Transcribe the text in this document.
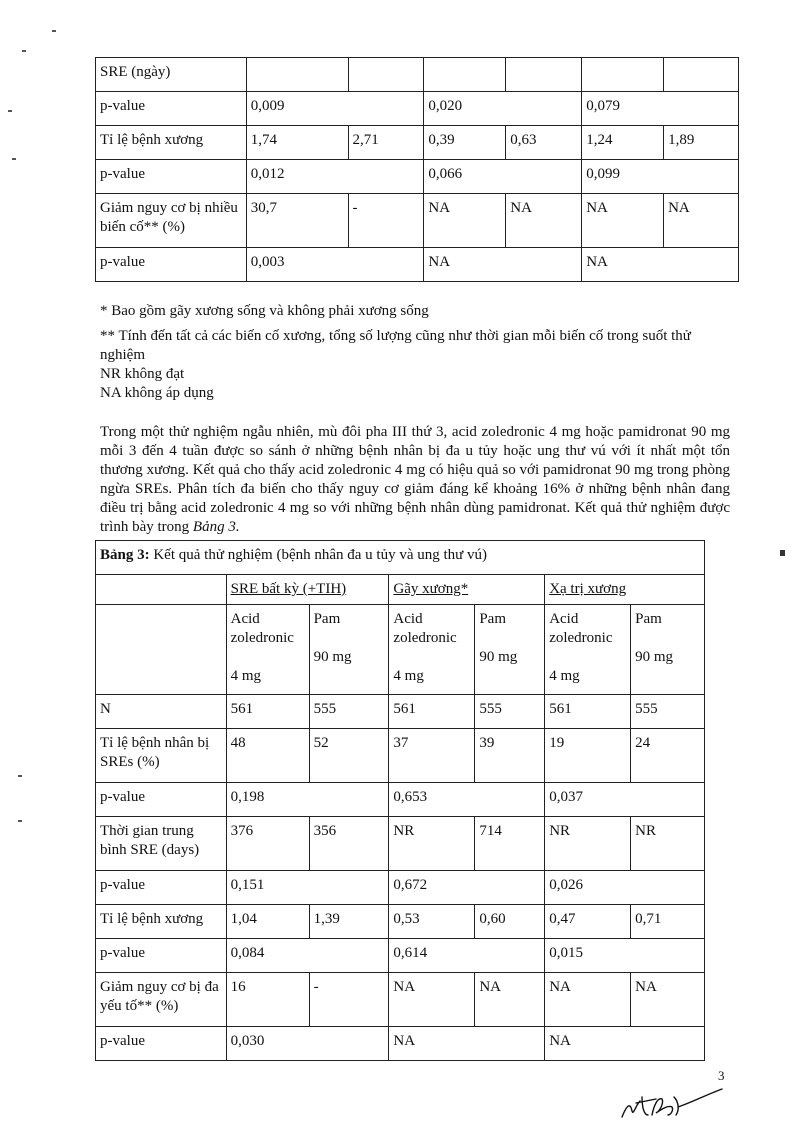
SRE (ngày)						
p-value	0,009		0,020		0,079	
Tỉ lệ bệnh xương	1,74	2,71	0,39	0,63	1,24	1,89
p-value	0,012		0,066		0,099	
Giảm nguy cơ bị nhiều biến cố** (%)	30,7	-	NA	NA	NA	NA
p-value	0,003		NA		NA	

* Bao gồm gãy xương sống và không phải xương sống

** Tính đến tất cả các biến cố xương, tổng số lượng cũng như thời gian mỗi biến cố trong suốt thử nghiệm

NR không đạt

NA không áp dụng

Trong một thử nghiệm ngẫu nhiên, mù đôi pha III thứ 3, acid zoledronic 4 mg hoặc pamidronat 90 mg mỗi 3 đến 4 tuần được so sánh ở những bệnh nhân bị đa u tủy hoặc ung thư vú với ít nhất một tổn thương xương. Kết quả cho thấy acid zoledronic 4 mg có hiệu quả so với pamidronat 90 mg trong phòng ngừa SREs. Phân tích đa biến cho thấy nguy cơ giảm đáng kể khoảng 16% ở những bệnh nhân đang điều trị bằng acid zoledronic 4 mg so với những bệnh nhân dùng pamidronat. Kết quả thử nghiệm được trình bày trong Bảng 3.

Bảng 3: Kết quả thử nghiệm (bệnh nhân đa u tủy và ung thư vú)						
	SRE bất kỳ (+TIH)		Gãy xương*		Xạ trị xương	
	Acid
zoledronic
4 mg	Pam
90 mg	Acid
zoledronic
4 mg	Pam
90 mg	Acid
zoledronic
4 mg	Pam
90 mg
N	561	555	561	555	561	555
Tỉ lệ bệnh nhân bị SREs (%)	48	52	37	39	19	24
p-value	0,198		0,653		0,037	
Thời gian trung bình SRE (days)	376	356	NR	714	NR	NR
p-value	0,151		0,672		0,026	
Tỉ lệ bệnh xương	1,04	1,39	0,53	0,60	0,47	0,71
p-value	0,084		0,614		0,015	
Giảm nguy cơ bị đa yếu tố** (%)	16	-	NA	NA	NA	NA
p-value	0,030		NA		NA	
3
